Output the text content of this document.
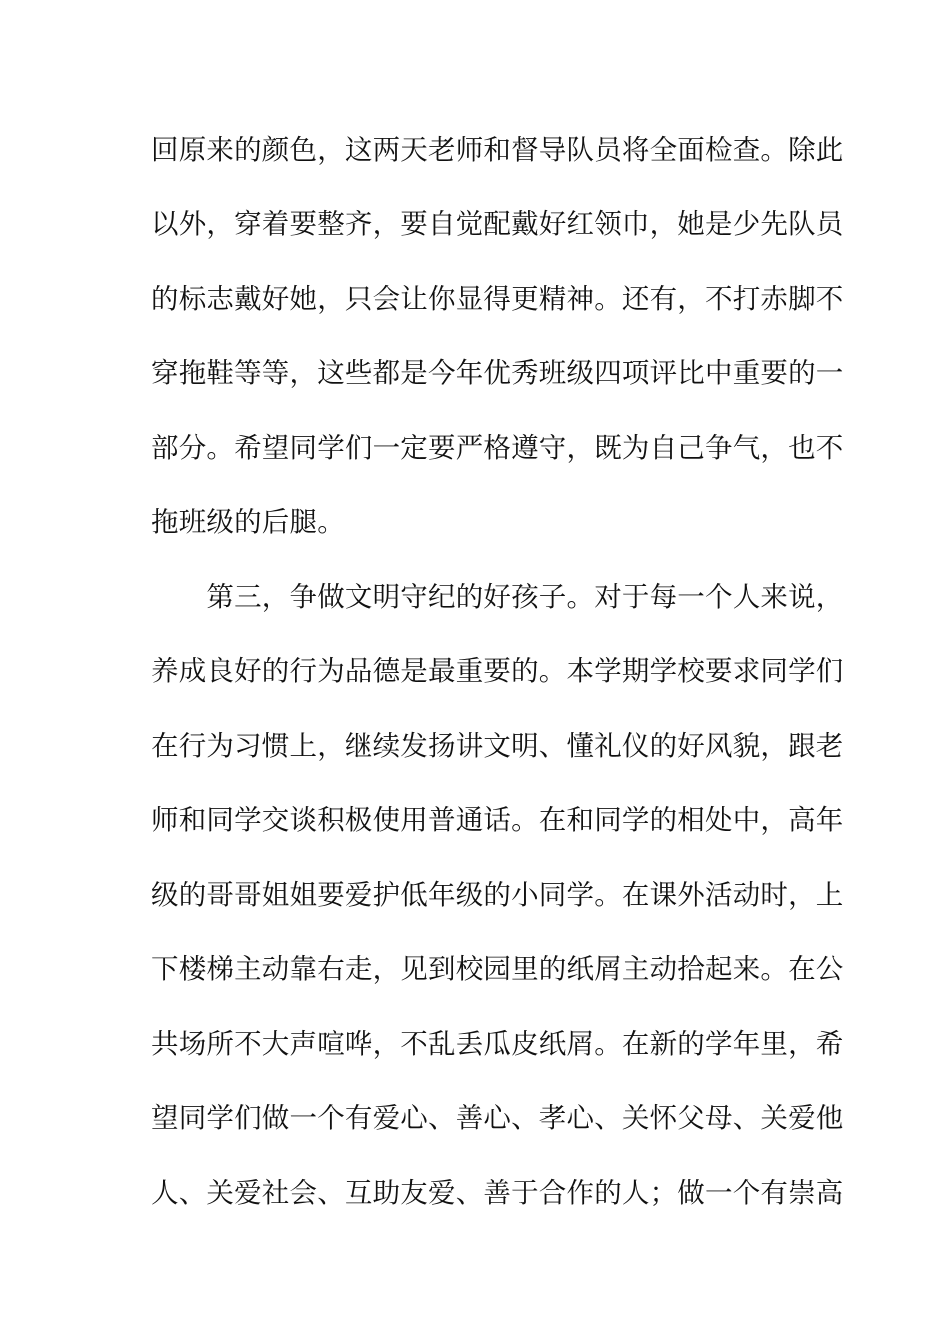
回原来的颜色，这两天老师和督导队员将全面检查。除此
以外，穿着要整齐，要自觉配戴好红领巾，她是少先队员
的标志戴好她，只会让你显得更精神。还有，不打赤脚不
穿拖鞋等等，这些都是今年优秀班级四项评比中重要的一
部分。希望同学们一定要严格遵守，既为自己争气，也不
拖班级的后腿。
　　第三，争做文明守纪的好孩子。对于每一个人来说，
养成良好的行为品德是最重要的。本学期学校要求同学们
在行为习惯上，继续发扬讲文明、懂礼仪的好风貌，跟老
师和同学交谈积极使用普通话。在和同学的相处中，高年
级的哥哥姐姐要爱护低年级的小同学。在课外活动时，上
下楼梯主动靠右走，见到校园里的纸屑主动拾起来。在公
共场所不大声喧哗，不乱丢瓜皮纸屑。在新的学年里，希
望同学们做一个有爱心、善心、孝心、关怀父母、关爱他
人、关爱社会、互助友爱、善于合作的人；做一个有崇高
